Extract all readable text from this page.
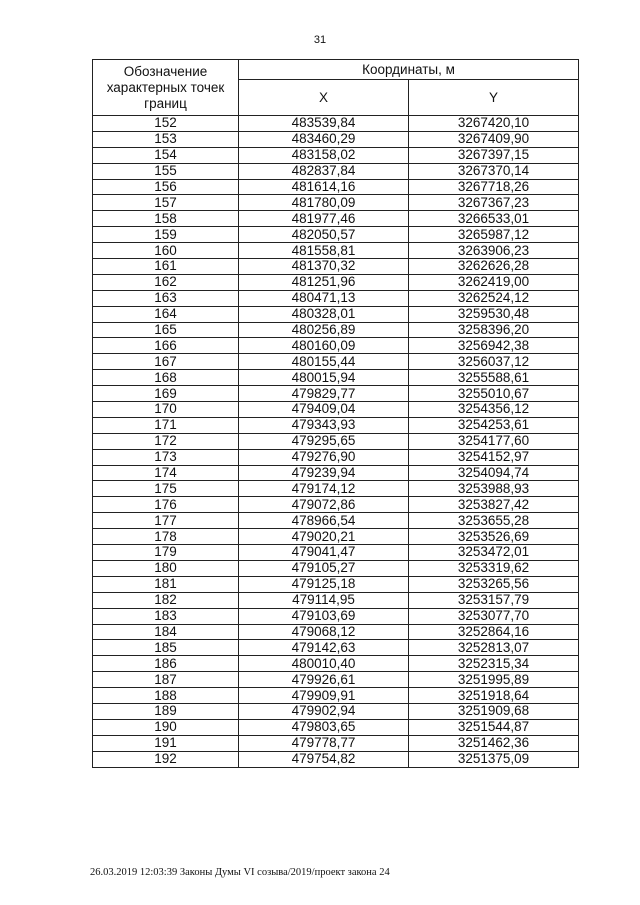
31
Обозначение характерных точек границ	Координаты, м	
	X	Y
152	483539,84	3267420,10
153	483460,29	3267409,90
154	483158,02	3267397,15
155	482837,84	3267370,14
156	481614,16	3267718,26
157	481780,09	3267367,23
158	481977,46	3266533,01
159	482050,57	3265987,12
160	481558,81	3263906,23
161	481370,32	3262626,28
162	481251,96	3262419,00
163	480471,13	3262524,12
164	480328,01	3259530,48
165	480256,89	3258396,20
166	480160,09	3256942,38
167	480155,44	3256037,12
168	480015,94	3255588,61
169	479829,77	3255010,67
170	479409,04	3254356,12
171	479343,93	3254253,61
172	479295,65	3254177,60
173	479276,90	3254152,97
174	479239,94	3254094,74
175	479174,12	3253988,93
176	479072,86	3253827,42
177	478966,54	3253655,28
178	479020,21	3253526,69
179	479041,47	3253472,01
180	479105,27	3253319,62
181	479125,18	3253265,56
182	479114,95	3253157,79
183	479103,69	3253077,70
184	479068,12	3252864,16
185	479142,63	3252813,07
186	480010,40	3252315,34
187	479926,61	3251995,89
188	479909,91	3251918,64
189	479902,94	3251909,68
190	479803,65	3251544,87
191	479778,77	3251462,36
192	479754,82	3251375,09
26.03.2019 12:03:39 Законы Думы VI созыва/2019/проект закона 24
